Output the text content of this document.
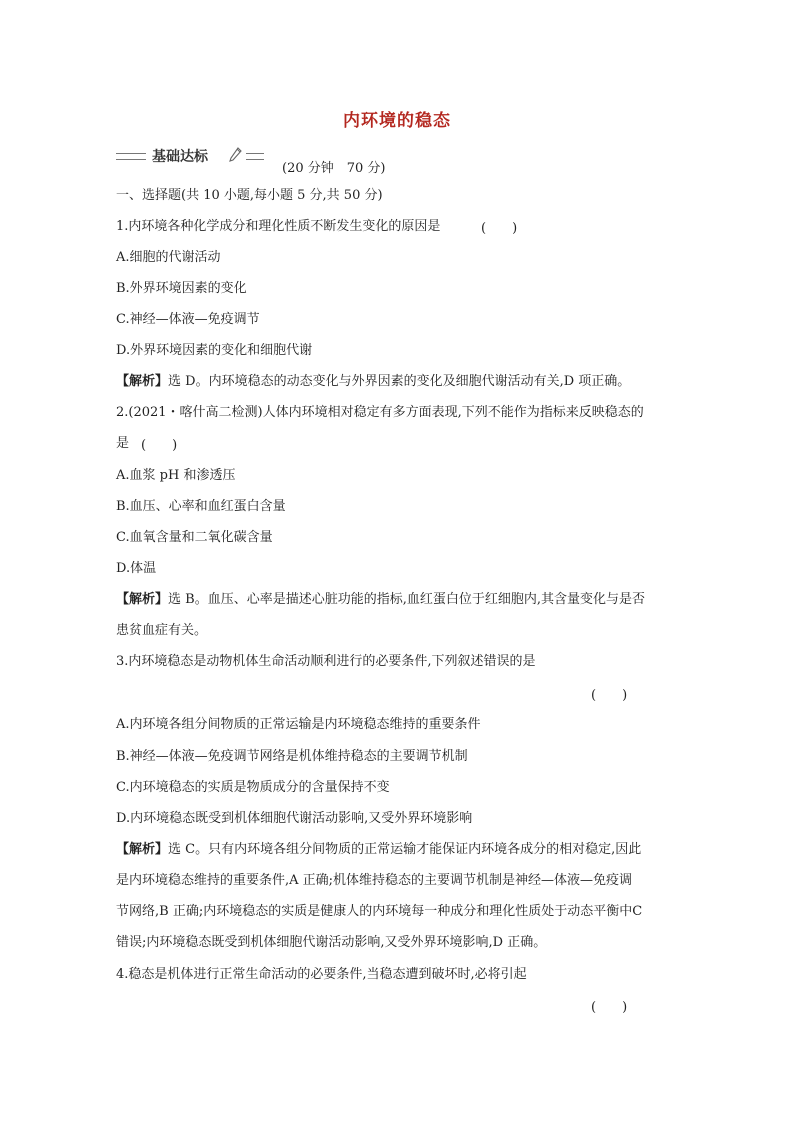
内环境的稳态
基础达标
(20 分钟　70 分)
一、选择题(共 10 小题,每小题 5 分,共 50 分)
1.内环境各种化学成分和理化性质不断发生变化的原因是	(　　)
A.细胞的代谢活动
B.外界环境因素的变化
C.神经—体液—免疫调节
D.外界环境因素的变化和细胞代谢
【解析】选 D。内环境稳态的动态变化与外界因素的变化及细胞代谢活动有关,D 项正确。
2.(2021・喀什高二检测)人体内环境相对稳定有多方面表现,下列不能作为指标来反映稳态的
是 (　　)
A.血浆 pH 和渗透压
B.血压、心率和血红蛋白含量
C.血氧含量和二氧化碳含量
D.体温
【解析】选 B。血压、心率是描述心脏功能的指标,血红蛋白位于红细胞内,其含量变化与是否
患贫血症有关。
3.内环境稳态是动物机体生命活动顺利进行的必要条件,下列叙述错误的是
(　　)
A.内环境各组分间物质的正常运输是内环境稳态维持的重要条件
B.神经—体液—免疫调节网络是机体维持稳态的主要调节机制
C.内环境稳态的实质是物质成分的含量保持不变
D.内环境稳态既受到机体细胞代谢活动影响,又受外界环境影响
【解析】选 C。只有内环境各组分间物质的正常运输才能保证内环境各成分的相对稳定,因此
是内环境稳态维持的重要条件,A 正确;机体维持稳态的主要调节机制是神经—体液—免疫调
节网络,B 正确;内环境稳态的实质是健康人的内环境每一种成分和理化性质处于动态平衡中C
错误;内环境稳态既受到机体细胞代谢活动影响,又受外界环境影响,D 正确。
4.稳态是机体进行正常生命活动的必要条件,当稳态遭到破坏时,必将引起
(　　)
